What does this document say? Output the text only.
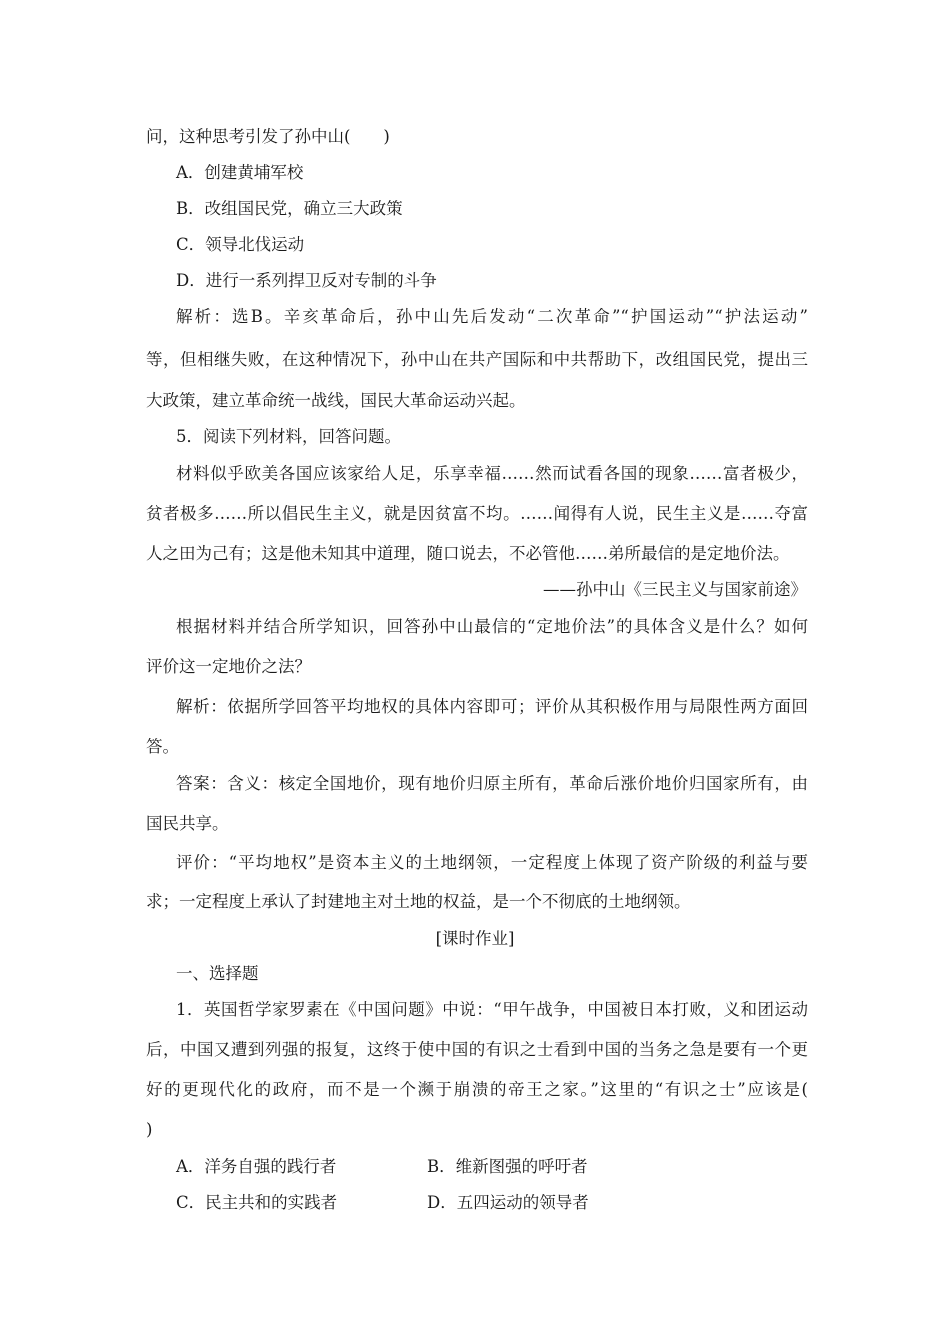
问，这种思考引发了孙中山(　　)
A．创建黄埔军校
B．改组国民党，确立三大政策
C．领导北伐运动
D．进行一系列捍卫反对专制的斗争
解析：选B。辛亥革命后，孙中山先后发动“二次革命”“护国运动”“护法运动”
等，但相继失败，在这种情况下，孙中山在共产国际和中共帮助下，改组国民党，提出三
大政策，建立革命统一战线，国民大革命运动兴起。
5．阅读下列材料，回答问题。
材料似乎欧美各国应该家给人足，乐享幸福……然而试看各国的现象……富者极少，
贫者极多……所以倡民生主义，就是因贫富不均。……闻得有人说，民生主义是……夺富
人之田为己有；这是他未知其中道理，随口说去，不必管他……弟所最信的是定地价法。
——孙中山《三民主义与国家前途》
根据材料并结合所学知识，回答孙中山最信的“定地价法”的具体含义是什么？如何
评价这一定地价之法？
解析：依据所学回答平均地权的具体内容即可；评价从其积极作用与局限性两方面回
答。
答案：含义：核定全国地价，现有地价归原主所有，革命后涨价地价归国家所有，由
国民共享。
评价：“平均地权”是资本主义的土地纲领，一定程度上体现了资产阶级的利益与要
求；一定程度上承认了封建地主对土地的权益，是一个不彻底的土地纲领。
[课时作业]
一、选择题
1．英国哲学家罗素在《中国问题》中说：“甲午战争，中国被日本打败，义和团运动
后，中国又遭到列强的报复，这终于使中国的有识之士看到中国的当务之急是要有一个更
好的更现代化的政府，而不是一个濒于崩溃的帝王之家。”这里的“有识之士”应该是(
)
A．洋务自强的践行者	B．维新图强的呼吁者
C．民主共和的实践者	D．五四运动的领导者
